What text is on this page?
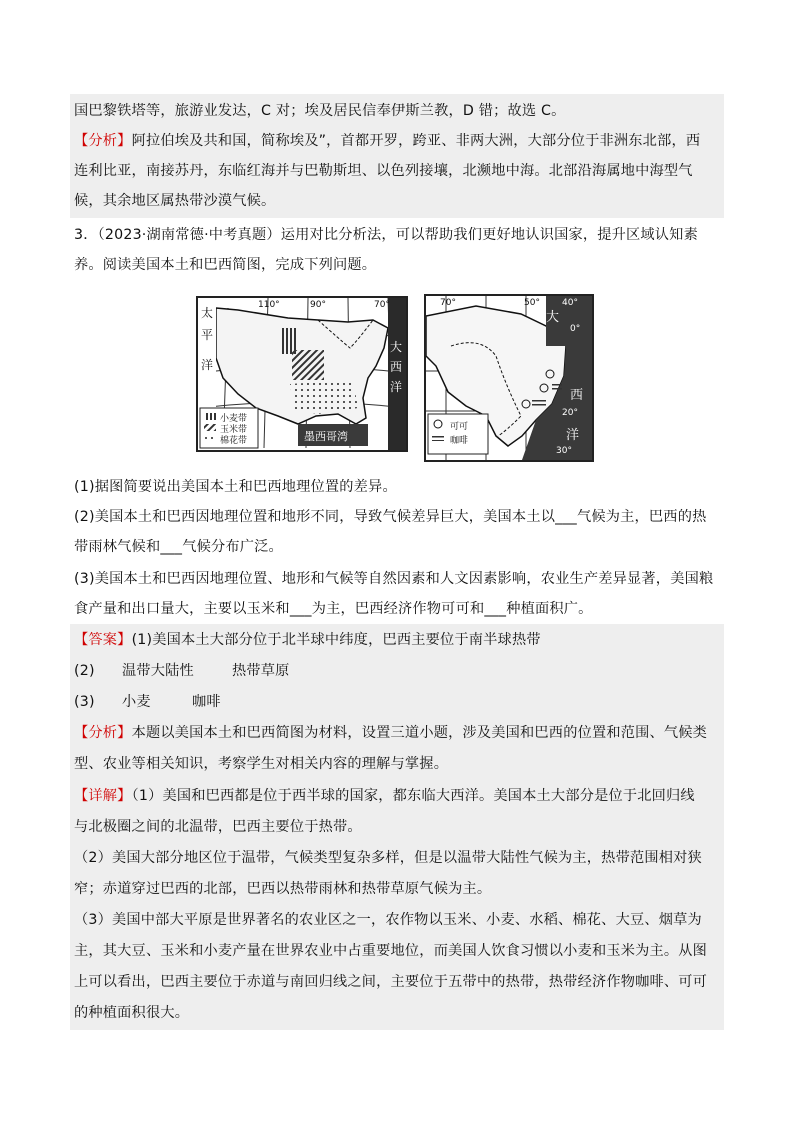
国巴黎铁塔等，旅游业发达，C 对；埃及居民信奉伊斯兰教，D 错；故选 C。
【分析】阿拉伯埃及共和国，简称埃及”，首都开罗，跨亚、非两大洲，大部分位于非洲东北部，西
连利比亚，南接苏丹，东临红海并与巴勒斯坦、以色列接壤，北濒地中海。北部沿海属地中海型气
候，其余地区属热带沙漠气候。
3．（2023·湖南常德·中考真题）运用对比分析法，可以帮助我们更好地认识国家，提升区域认知素
养。阅读美国本土和巴西简图，完成下列问题。
太
平
洋
大
西
洋
110°	90°	70°
小麦带
玉米带
棉花带	墨西哥湾
70°	50° 40°
0°
20°
30°
大
西
洋
可可
咖啡
(1)据图简要说出美国本土和巴西地理位置的差异。
(2)美国本土和巴西因地理位置和地形不同，导致气候差异巨大，美国本土以___气候为主，巴西的热
带雨林气候和___气候分布广泛。
(3)美国本土和巴西因地理位置、地形和气候等自然因素和人文因素影响，农业生产差异显著，美国粮
食产量和出口量大，主要以玉米和___为主，巴西经济作物可可和___种植面积广。
【答案】(1)美国本土大部分位于北半球中纬度，巴西主要位于南半球热带
(2) 温带大陆性	热带草原
(3) 小麦	咖啡
【分析】本题以美国本土和巴西简图为材料，设置三道小题，涉及美国和巴西的位置和范围、气候类
型、农业等相关知识，考察学生对相关内容的理解与掌握。
【详解】（1）美国和巴西都是位于西半球的国家，都东临大西洋。美国本土大部分是位于北回归线
与北极圈之间的北温带，巴西主要位于热带。
（2）美国大部分地区位于温带，气候类型复杂多样，但是以温带大陆性气候为主，热带范围相对狭
窄；赤道穿过巴西的北部，巴西以热带雨林和热带草原气候为主。
（3）美国中部大平原是世界著名的农业区之一，农作物以玉米、小麦、水稻、棉花、大豆、烟草为
主，其大豆、玉米和小麦产量在世界农业中占重要地位，而美国人饮食习惯以小麦和玉米为主。从图
上可以看出，巴西主要位于赤道与南回归线之间，主要位于五带中的热带，热带经济作物咖啡、可可
的种植面积很大。
